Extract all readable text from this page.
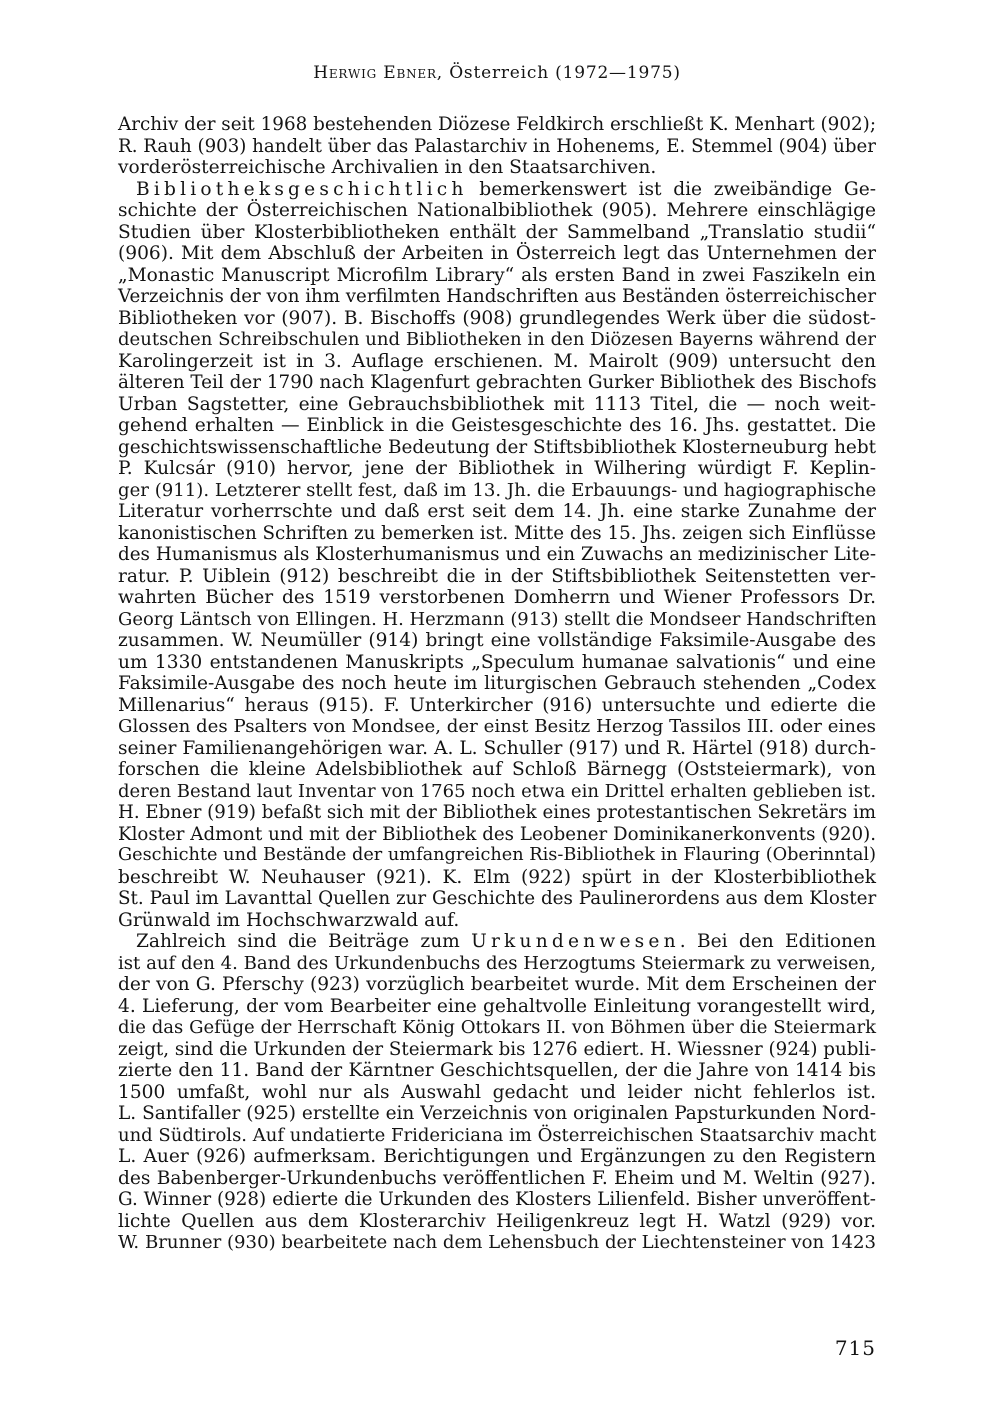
Herwig Ebner, Österreich (1972—1975)
Archiv der seit 1968 bestehenden Diözese Feldkirch erschließt K. Menhart (902);
R. Rauh (903) handelt über das Palastarchiv in Hohenems, E. Stemmel (904) über
vorderösterreichische Archivalien in den Staatsarchiven.
Bibliotheksgeschichtlich bemerkenswert ist die zweibändige Ge-
schichte der Österreichischen Nationalbibliothek (905). Mehrere einschlägige
Studien über Klosterbibliotheken enthält der Sammelband „Translatio studii“
(906). Mit dem Abschluß der Arbeiten in Österreich legt das Unternehmen der
„Monastic Manuscript Microfilm Library“ als ersten Band in zwei Faszikeln ein
Verzeichnis der von ihm verfilmten Handschriften aus Beständen österreichischer
Bibliotheken vor (907). B. Bischoffs (908) grundlegendes Werk über die südost-
deutschen Schreibschulen und Bibliotheken in den Diözesen Bayerns während der
Karolingerzeit ist in 3. Auflage erschienen. M. Mairolt (909) untersucht den
älteren Teil der 1790 nach Klagenfurt gebrachten Gurker Bibliothek des Bischofs
Urban Sagstetter, eine Gebrauchsbibliothek mit 1113 Titel, die — noch weit-
gehend erhalten — Einblick in die Geistesgeschichte des 16. Jhs. gestattet. Die
geschichtswissenschaftliche Bedeutung der Stiftsbibliothek Klosterneuburg hebt
P. Kulcsár (910) hervor, jene der Bibliothek in Wilhering würdigt F. Keplin-
ger (911). Letzterer stellt fest, daß im 13. Jh. die Erbauungs- und hagiographische
Literatur vorherrschte und daß erst seit dem 14. Jh. eine starke Zunahme der
kanonistischen Schriften zu bemerken ist. Mitte des 15. Jhs. zeigen sich Einflüsse
des Humanismus als Klosterhumanismus und ein Zuwachs an medizinischer Lite-
ratur. P. Uiblein (912) beschreibt die in der Stiftsbibliothek Seitenstetten ver-
wahrten Bücher des 1519 verstorbenen Domherrn und Wiener Professors Dr.
Georg Läntsch von Ellingen. H. Herzmann (913) stellt die Mondseer Handschriften
zusammen. W. Neumüller (914) bringt eine vollständige Faksimile-Ausgabe des
um 1330 entstandenen Manuskripts „Speculum humanae salvationis“ und eine
Faksimile-Ausgabe des noch heute im liturgischen Gebrauch stehenden „Codex
Millenarius“ heraus (915). F. Unterkircher (916) untersuchte und edierte die
Glossen des Psalters von Mondsee, der einst Besitz Herzog Tassilos III. oder eines
seiner Familienangehörigen war. A. L. Schuller (917) und R. Härtel (918) durch-
forschen die kleine Adelsbibliothek auf Schloß Bärnegg (Oststeiermark), von
deren Bestand laut Inventar von 1765 noch etwa ein Drittel erhalten geblieben ist.
H. Ebner (919) befaßt sich mit der Bibliothek eines protestantischen Sekretärs im
Kloster Admont und mit der Bibliothek des Leobener Dominikanerkonvents (920).
Geschichte und Bestände der umfangreichen Ris-Bibliothek in Flauring (Oberinntal)
beschreibt W. Neuhauser (921). K. Elm (922) spürt in der Klosterbibliothek
St. Paul im Lavanttal Quellen zur Geschichte des Paulinerordens aus dem Kloster
Grünwald im Hochschwarzwald auf.
Zahlreich sind die Beiträge zum Urkundenwesen. Bei den Editionen
ist auf den 4. Band des Urkundenbuchs des Herzogtums Steiermark zu verweisen,
der von G. Pferschy (923) vorzüglich bearbeitet wurde. Mit dem Erscheinen der
4. Lieferung, der vom Bearbeiter eine gehaltvolle Einleitung vorangestellt wird,
die das Gefüge der Herrschaft König Ottokars II. von Böhmen über die Steiermark
zeigt, sind die Urkunden der Steiermark bis 1276 ediert. H. Wiessner (924) publi-
zierte den 11. Band der Kärntner Geschichtsquellen, der die Jahre von 1414 bis
1500 umfaßt, wohl nur als Auswahl gedacht und leider nicht fehlerlos ist.
L. Santifaller (925) erstellte ein Verzeichnis von originalen Papsturkunden Nord-
und Südtirols. Auf undatierte Fridericiana im Österreichischen Staatsarchiv macht
L. Auer (926) aufmerksam. Berichtigungen und Ergänzungen zu den Registern
des Babenberger-Urkundenbuchs veröffentlichen F. Eheim und M. Weltin (927).
G. Winner (928) edierte die Urkunden des Klosters Lilienfeld. Bisher unveröffent-
lichte Quellen aus dem Klosterarchiv Heiligenkreuz legt H. Watzl (929) vor.
W. Brunner (930) bearbeitete nach dem Lehensbuch der Liechtensteiner von 1423
715
